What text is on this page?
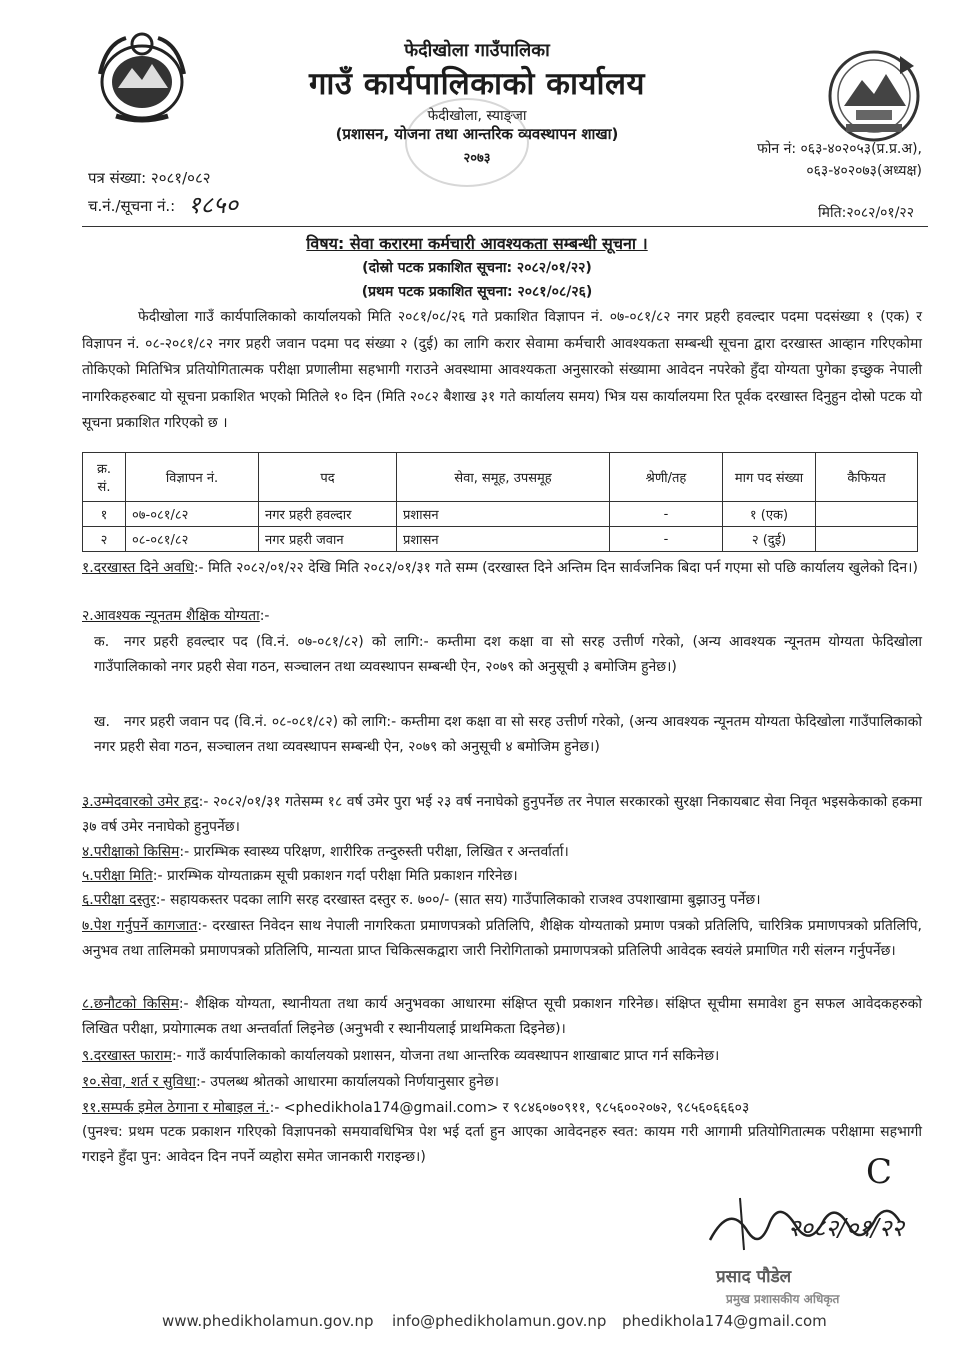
फेदीखोला गाउँपालिका
गाउँ कार्यपालिकाको कार्यालय
फेदीखोला, स्याङ्जा
(प्रशासन, योजना तथा आन्तरिक व्यवस्थापन शाखा)
२०७३
फोन नं: ०६३-४०२०५३(प्र.प्र.अ),
०६३-४०२०७३(अध्यक्ष)
पत्र संख्या: २०८१/०८२
च.नं./सूचना नं.: १८५०	मिति:२०८२/०१/२२
विषय: सेवा करारमा कर्मचारी आवश्यकता सम्बन्धी सूचना ।
(दोस्रो पटक प्रकाशित सूचना: २०८२/०१/२२)
(प्रथम पटक प्रकाशित सूचना: २०८१/०८/२६)
फेदीखोला गाउँ कार्यपालिकाको कार्यालयको मिति २०८१/०८/२६ गते प्रकाशित विज्ञापन नं. ०७-०८१/८२ नगर प्रहरी हवल्दार पदमा पदसंख्या १ (एक) र विज्ञापन नं. ०८-२०८१/८२ नगर प्रहरी जवान पदमा पद संख्या २ (दुई) का लागि करार सेवामा कर्मचारी आवश्यकता सम्बन्धी सूचना द्वारा दरखास्त आव्हान गरिएकोमा तोकिएको मितिभित्र प्रतियोगितात्मक परीक्षा प्रणालीमा सहभागी गराउने अवस्थामा आवश्यकता अनुसारको संख्यामा आवेदन नपरेको हुँदा योग्यता पुगेका इच्छुक नेपाली नागरिकहरुबाट यो सूचना प्रकाशित भएको मितिले १० दिन (मिति २०८२ बैशाख ३१ गते कार्यालय समय) भित्र यस कार्यालयमा रित पूर्वक दरखास्त दिनुहुन दोस्रो पटक यो सूचना प्रकाशित गरिएको छ ।
क्र. सं.	विज्ञापन नं.	पद	सेवा, समूह, उपसमूह	श्रेणी/तह	माग पद संख्या	कैफियत
१	०७-०८१/८२	नगर प्रहरी हवल्दार	प्रशासन	-	१ (एक)	
२	०८-०८१/८२	नगर प्रहरी जवान	प्रशासन	-	२ (दुई)	
१.दरखास्त दिने अवधि:- मिति २०८२/०१/२२ देखि मिति २०८२/०१/३१ गते सम्म (दरखास्त दिने अन्तिम दिन सार्वजनिक बिदा पर्न गएमा सो पछि कार्यालय खुलेको दिन।)
२.आवश्यक न्यूनतम शैक्षिक योग्यता:-
क. नगर प्रहरी हवल्दार पद (वि.नं. ०७-०८१/८२) को लागि:- कम्तीमा दश कक्षा वा सो सरह उत्तीर्ण गरेको, (अन्य आवश्यक न्यूनतम योग्यता फेदिखोला गाउँपालिकाको नगर प्रहरी सेवा गठन, सञ्चालन तथा व्यवस्थापन सम्बन्धी ऐन, २०७९ को अनुसूची ३ बमोजिम हुनेछ।)
ख. नगर प्रहरी जवान पद (वि.नं. ०८-०८१/८२) को लागि:- कम्तीमा दश कक्षा वा सो सरह उत्तीर्ण गरेको, (अन्य आवश्यक न्यूनतम योग्यता फेदिखोला गाउँपालिकाको नगर प्रहरी सेवा गठन, सञ्चालन तथा व्यवस्थापन सम्बन्धी ऐन, २०७९ को अनुसूची ४ बमोजिम हुनेछ।)
३.उम्मेदवारको उमेर हद:- २०८२/०१/३१ गतेसम्म १८ वर्ष उमेर पुरा भई २३ वर्ष ननाघेको हुनुपर्नेछ तर नेपाल सरकारको सुरक्षा निकायबाट सेवा निवृत भइसकेकाको हकमा ३७ वर्ष उमेर ननाघेको हुनुपर्नेछ।
४.परीक्षाको किसिम:- प्रारम्भिक स्वास्थ्य परिक्षण, शारीरिक तन्दुरुस्ती परीक्षा, लिखित र अन्तर्वार्ता।
५.परीक्षा मिति:- प्रारम्भिक योग्यताक्रम सूची प्रकाशन गर्दा परीक्षा मिति प्रकाशन गरिनेछ।
६.परीक्षा दस्तुर:- सहायकस्तर पदका लागि सरह दरखास्त दस्तुर रु. ७००/- (सात सय) गाउँपालिकाको राजश्व उपशाखामा बुझाउनु पर्नेछ।
७.पेश गर्नुपर्ने कागजात:- दरखास्त निवेदन साथ नेपाली नागरिकता प्रमाणपत्रको प्रतिलिपि, शैक्षिक योग्यताको प्रमाण पत्रको प्रतिलिपि, चारित्रिक प्रमाणपत्रको प्रतिलिपि, अनुभव तथा तालिमको प्रमाणपत्रको प्रतिलिपि, मान्यता प्राप्त चिकित्सकद्वारा जारी निरोगिताको प्रमाणपत्रको प्रतिलिपी आवेदक स्वयंले प्रमाणित गरी संलग्न गर्नुपर्नेछ।
८.छनौटको किसिम:- शैक्षिक योग्यता, स्थानीयता तथा कार्य अनुभवका आधारमा संक्षिप्त सूची प्रकाशन गरिनेछ। संक्षिप्त सूचीमा समावेश हुन सफल आवेदकहरुको लिखित परीक्षा, प्रयोगात्मक तथा अन्तर्वार्ता लिइनेछ (अनुभवी र स्थानीयलाई प्राथमिकता दिइनेछ)।
९.दरखास्त फाराम:- गाउँ कार्यपालिकाको कार्यालयको प्रशासन, योजना तथा आन्तरिक व्यवस्थापन शाखाबाट प्राप्त गर्न सकिनेछ।
१०.सेवा, शर्त र सुविधा:- उपलब्ध श्रोतको आधारमा कार्यालयको निर्णयानुसार हुनेछ।
११.सम्पर्क इमेल ठेगाना र मोबाइल नं.:- <phedikhola174@gmail.com> र ९८४६०७०९११, ९८५६००२०७२, ९८५६०६६६०३
(पुनश्च: प्रथम पटक प्रकाशन गरिएको विज्ञापनको समयावधिभित्र पेश भई दर्ता हुन आएका आवेदनहरु स्वत: कायम गरी आगामी प्रतियोगितात्मक परीक्षामा सहभागी गराइने हुँदा पुन: आवेदन दिन नपर्ने व्यहोरा समेत जानकारी गराइन्छ।)	C
२०८२/०१/२२
प्रसाद पौडेल
प्रमुख प्रशासकीय अधिकृत
www.phedikholamun.gov.np info@phedikholamun.gov.np phedikhola174@gmail.com
